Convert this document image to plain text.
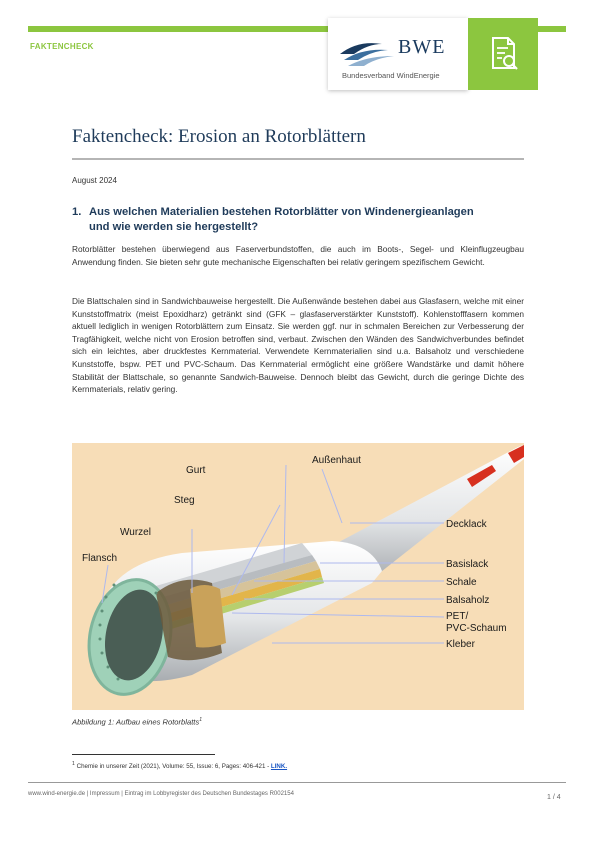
FAKTENCHECK	BWE
Bundesverband WindEnergie
Faktencheck: Erosion an Rotorblättern
August 2024
1. Aus welchen Materialien bestehen Rotorblätter von Windenergieanlagen
und wie werden sie hergestellt?

Rotorblätter bestehen überwiegend aus Faserverbundstoffen, die auch im Boots-, Segel- und Kleinflugzeugbau Anwendung finden. Sie bieten sehr gute mechanische Eigenschaften bei relativ geringem spezifischem Gewicht.

Die Blattschalen sind in Sandwichbauweise hergestellt. Die Außenwände bestehen dabei aus Glasfasern, welche mit einer Kunststoffmatrix (meist Epoxidharz) getränkt sind (GFK – glasfaserverstärkter Kunststoff). Kohlenstofffasern kommen aktuell lediglich in wenigen Rotorblättern zum Einsatz. Sie werden ggf. nur in schmalen Bereichen zur Verbesserung der Tragfähigkeit, welche nicht von Erosion betroffen sind, verbaut. Zwischen den Wänden des Sandwichverbundes befindet sich ein leichtes, aber druckfestes Kernmaterial. Verwendete Kernmaterialien sind u.a. Balsaholz und verschiedene Kunststoffe, bspw. PET und PVC-Schaum. Das Kernmaterial ermöglicht eine größere Wandstärke und damit höhere Stabilität der Blattschale, so genannte Sandwich-Bauweise. Dennoch bleibt das Gewicht, durch die geringe Dichte des Kernmaterials, relativ gering.

Außenhaut
Gurt
Steg
Wurzel
Flansch
Decklack
Basislack
Schale
Balsaholz
PET/
PVC-Schaum
Kleber
Abbildung 1: Aufbau eines Rotorblatts$^1$
$^1$ Chemie in unserer Zeit (2021), Volume: 55, Issue: 6, Pages: 406-421 - LINK.
www.wind-energie.de | Impressum | Eintrag im Lobbyregister des Deutschen Bundestages R002154	1 / 4
